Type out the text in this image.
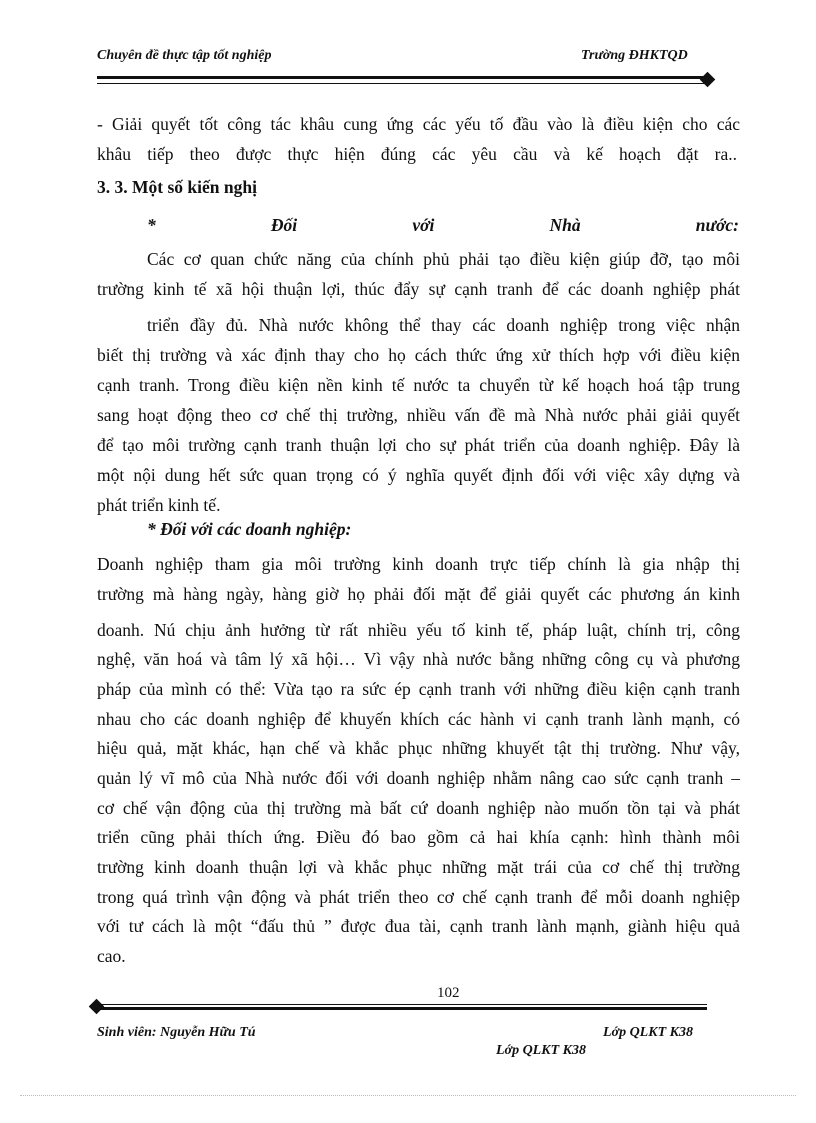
Chuyên đề thực tập tốt nghiệp	Trường ĐHKTQD

- Giải quyết tốt công tác khâu cung ứng các yếu tố đầu vào là điều kiện cho các

khâu tiếp theo được thực hiện đúng các yêu cầu và kế hoạch đặt ra..

3. 3. Một số kiến nghị

*	Đối	với	Nhà	nước:

Các cơ quan chức năng của chính phủ phải tạo điều kiện giúp đỡ, tạo môi

trường kinh tế xã hội thuận lợi, thúc đẩy sự cạnh tranh để các doanh nghiệp phát

triển đầy đủ. Nhà nước không thể thay các doanh nghiệp trong việc nhận

biết thị trường và xác định thay cho họ cách thức ứng xử thích hợp với điều kiện

cạnh tranh. Trong điều kiện nền kinh tế nước ta chuyển từ kế hoạch hoá tập trung

sang hoạt động theo cơ chế thị trường, nhiều vấn đề mà Nhà nước phải giải quyết

để tạo môi trường cạnh tranh thuận lợi cho sự phát triển của doanh nghiệp. Đây là

một nội dung hết sức quan trọng có ý nghĩa quyết định đối với việc xây dựng và

phát triển kinh tế.

* Đối với các doanh nghiệp:

Doanh nghiệp tham gia môi trường kinh doanh trực tiếp chính là gia nhập thị

trường mà hàng ngày, hàng giờ họ phải đối mặt để giải quyết các phương án kinh

doanh. Nú chịu ảnh hưởng từ rất nhiều yếu tố kinh tế, pháp luật, chính trị, công

nghệ, văn hoá và tâm lý xã hội… Vì vậy nhà nước bằng những công cụ và phương

pháp của mình có thể: Vừa tạo ra sức ép cạnh tranh với những điều kiện cạnh tranh

nhau cho các doanh nghiệp để khuyến khích các hành vi cạnh tranh lành mạnh, có

hiệu quả, mặt khác, hạn chế và khắc phục những khuyết tật thị trường. Như vậy,

quản lý vĩ mô của Nhà nước đối với doanh nghiệp nhằm nâng cao sức cạnh tranh –

cơ chế vận động của thị trường mà bất cứ doanh nghiệp nào muốn tồn tại và phát

triển cũng phải thích ứng. Điều đó bao gồm cả hai khía cạnh: hình thành môi

trường kinh doanh thuận lợi và khắc phục những mặt trái của cơ chế thị trường

trong quá trình vận động và phát triển theo cơ chế cạnh tranh để mỗi doanh nghiệp

với tư cách là một “đấu thủ ” được đua tài, cạnh tranh lành mạnh, giành hiệu quả

cao.

102
Sinh viên: Nguyễn Hữu Tú	Lớp QLKT K38
Lớp QLKT K38
